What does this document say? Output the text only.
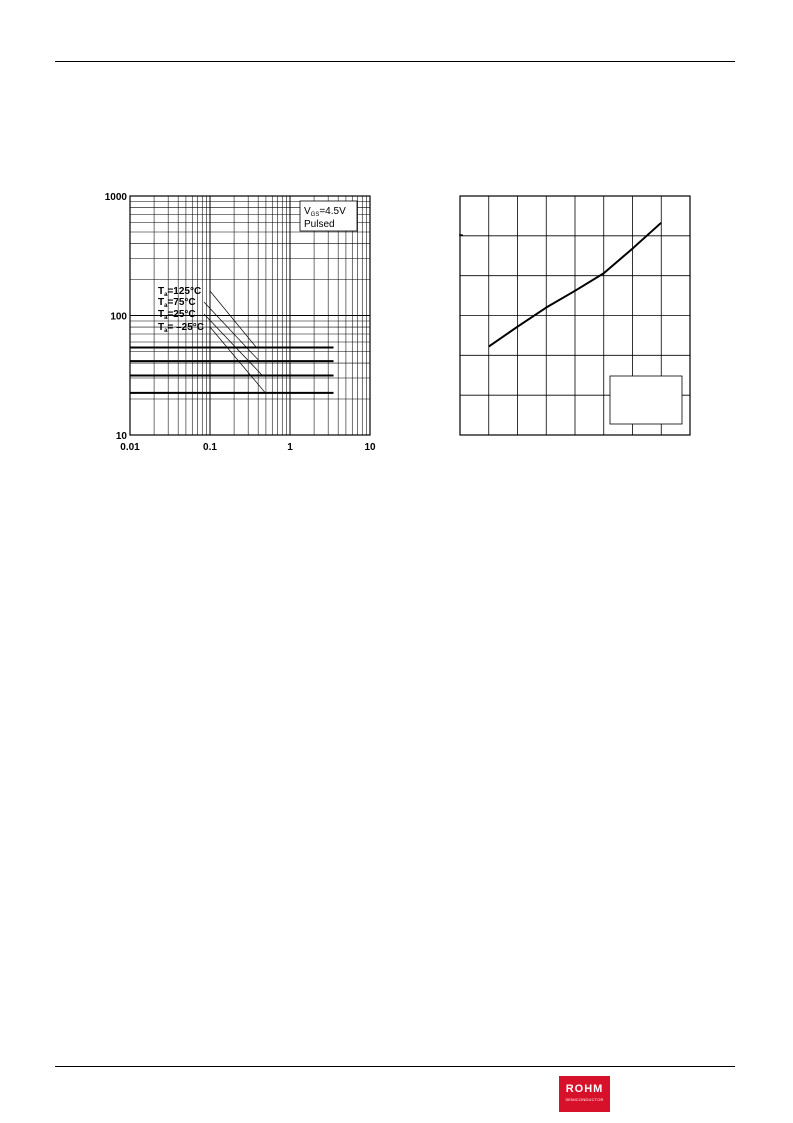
1000
100
10
0.01	0.1	1	10
$T_a=125^\circ C$
$T_a=75^\circ C$
$T_a=25^\circ C$
$T_a= -25^\circ C$
$V_{GS}=4.5V$
Pulsed
ROHM
SEMICONDUCTOR
